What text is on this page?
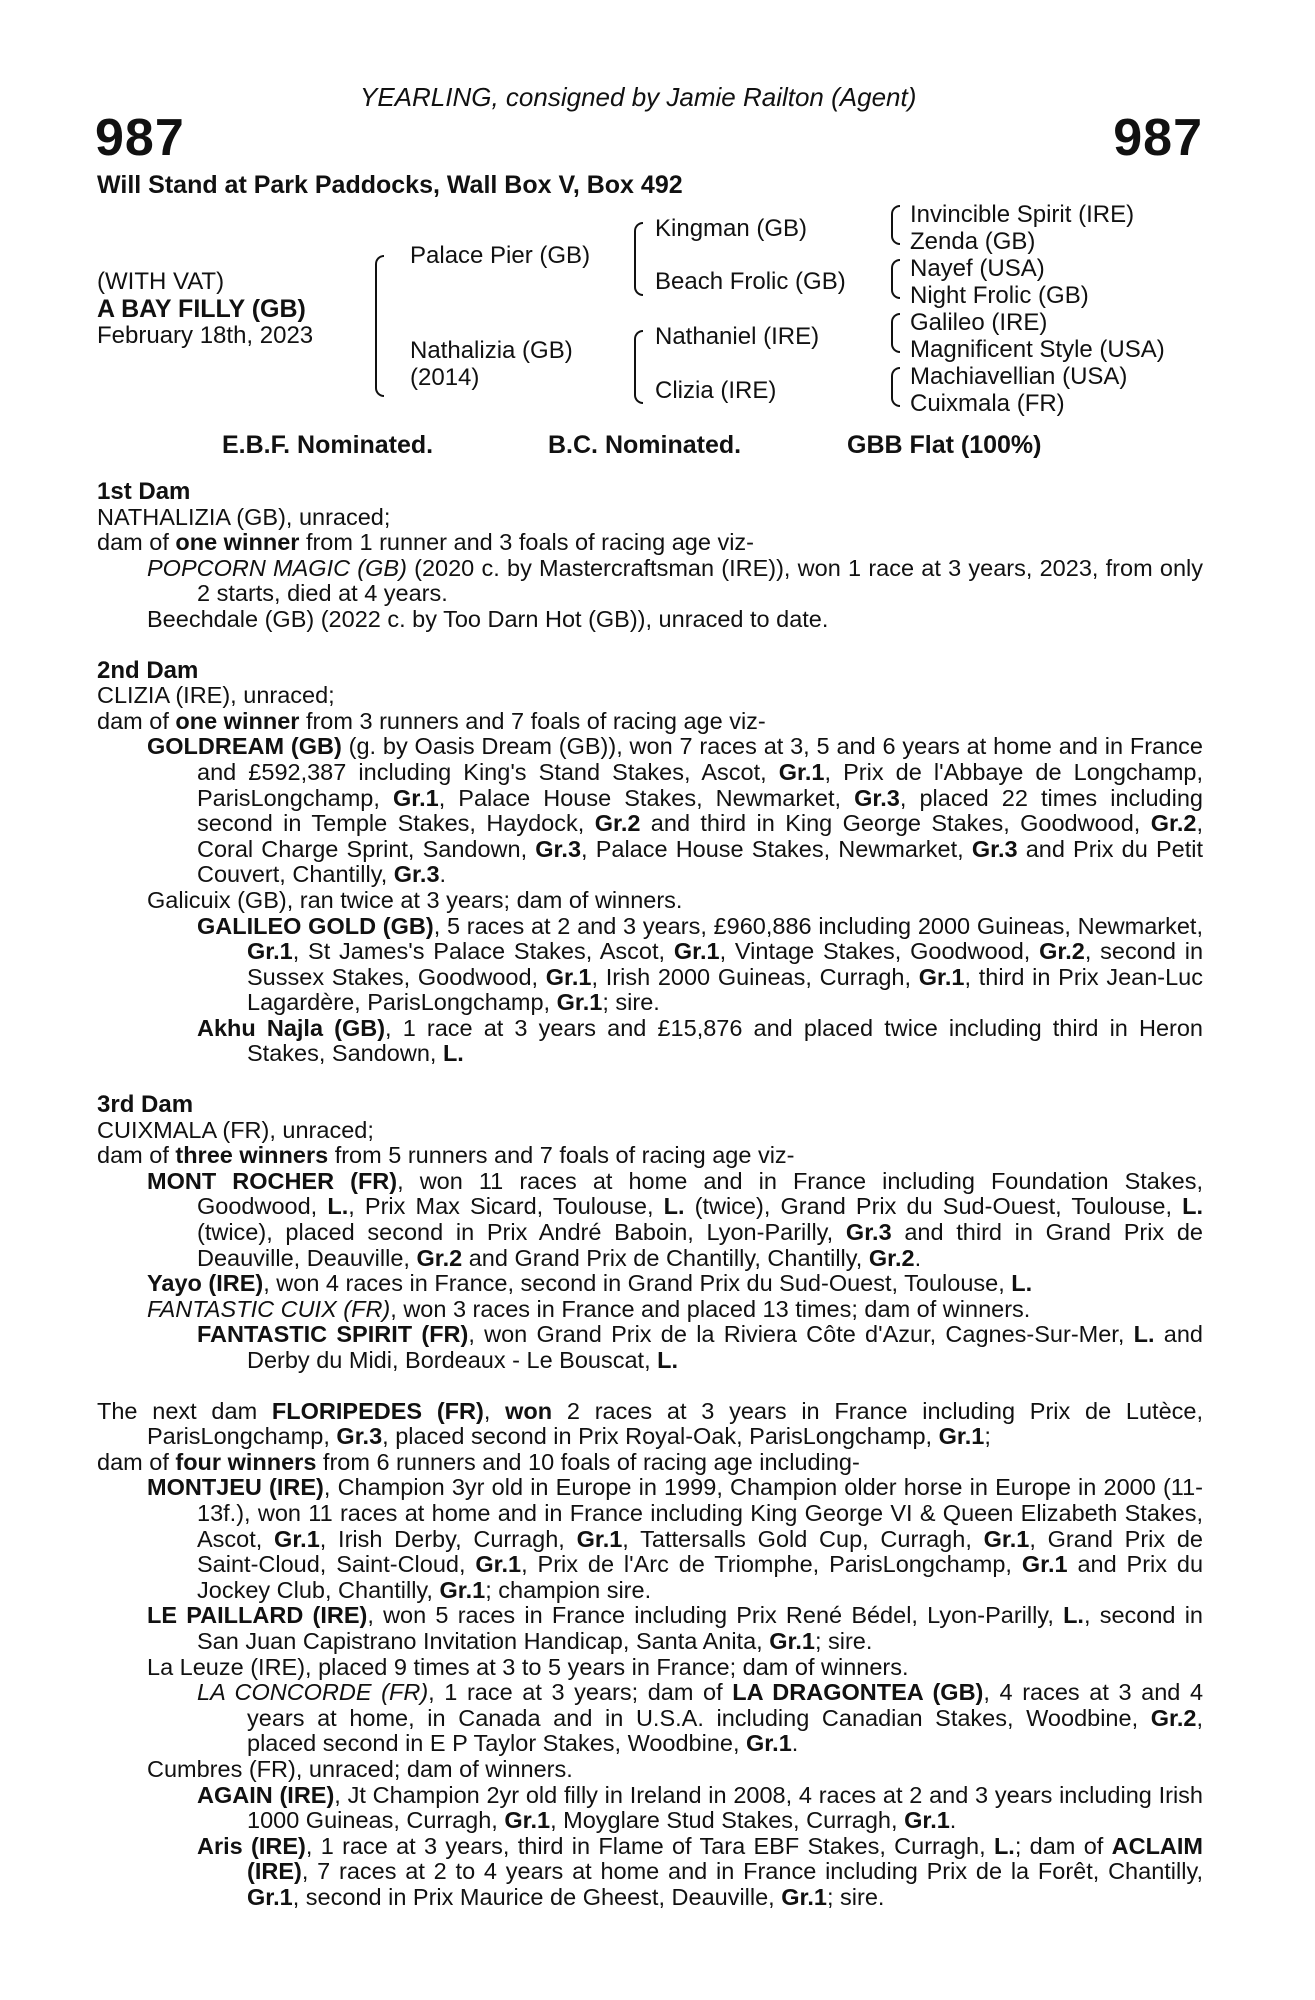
YEARLING, consigned by Jamie Railton (Agent)
987	987
Will Stand at Park Paddocks, Wall Box V, Box 492
(WITH VAT)
A BAY FILLY (GB)
February 18th, 2023
Palace Pier (GB)
Nathalizia (GB)
(2014)
Kingman (GB)
Beach Frolic (GB)
Nathaniel (IRE)
Clizia (IRE)
Invincible Spirit (IRE)
Zenda (GB)
Nayef (USA)
Night Frolic (GB)
Galileo (IRE)
Magnificent Style (USA)
Machiavellian (USA)
Cuixmala (FR)
E.B.F. Nominated.	B.C. Nominated.	GBB Flat (100%)
1st Dam
NATHALIZIA (GB), unraced;
dam of one winner from 1 runner and 3 foals of racing age viz-
POPCORN MAGIC (GB) (2020 c. by Mastercraftsman (IRE)), won 1 race at 3 years, 2023, from only 2 starts, died at 4 years.
Beechdale (GB) (2022 c. by Too Darn Hot (GB)), unraced to date.
2nd Dam
CLIZIA (IRE), unraced;
dam of one winner from 3 runners and 7 foals of racing age viz-
GOLDREAM (GB) (g. by Oasis Dream (GB)), won 7 races at 3, 5 and 6 years at home and in France and £592,387 including King's Stand Stakes, Ascot, Gr.1, Prix de l'Abbaye de Longchamp, ParisLongchamp, Gr.1, Palace House Stakes, Newmarket, Gr.3, placed 22 times including second in Temple Stakes, Haydock, Gr.2 and third in King George Stakes, Goodwood, Gr.2, Coral Charge Sprint, Sandown, Gr.3, Palace House Stakes, Newmarket, Gr.3 and Prix du Petit Couvert, Chantilly, Gr.3.
Galicuix (GB), ran twice at 3 years; dam of winners.
GALILEO GOLD (GB), 5 races at 2 and 3 years, £960,886 including 2000 Guineas, Newmarket, Gr.1, St James's Palace Stakes, Ascot, Gr.1, Vintage Stakes, Goodwood, Gr.2, second in Sussex Stakes, Goodwood, Gr.1, Irish 2000 Guineas, Curragh, Gr.1, third in Prix Jean-Luc Lagardère, ParisLongchamp, Gr.1; sire.
Akhu Najla (GB), 1 race at 3 years and £15,876 and placed twice including third in Heron Stakes, Sandown, L.
3rd Dam
CUIXMALA (FR), unraced;
dam of three winners from 5 runners and 7 foals of racing age viz-
MONT ROCHER (FR), won 11 races at home and in France including Foundation Stakes, Goodwood, L., Prix Max Sicard, Toulouse, L. (twice), Grand Prix du Sud-Ouest, Toulouse, L. (twice), placed second in Prix André Baboin, Lyon-Parilly, Gr.3 and third in Grand Prix de Deauville, Deauville, Gr.2 and Grand Prix de Chantilly, Chantilly, Gr.2.
Yayo (IRE), won 4 races in France, second in Grand Prix du Sud-Ouest, Toulouse, L.
FANTASTIC CUIX (FR), won 3 races in France and placed 13 times; dam of winners.
FANTASTIC SPIRIT (FR), won Grand Prix de la Riviera Côte d'Azur, Cagnes-Sur-Mer, L. and Derby du Midi, Bordeaux - Le Bouscat, L.
The next dam FLORIPEDES (FR), won 2 races at 3 years in France including Prix de Lutèce, ParisLongchamp, Gr.3, placed second in Prix Royal-Oak, ParisLongchamp, Gr.1;
dam of four winners from 6 runners and 10 foals of racing age including-
MONTJEU (IRE), Champion 3yr old in Europe in 1999, Champion older horse in Europe in 2000 (11-13f.), won 11 races at home and in France including King George VI & Queen Elizabeth Stakes, Ascot, Gr.1, Irish Derby, Curragh, Gr.1, Tattersalls Gold Cup, Curragh, Gr.1, Grand Prix de Saint-Cloud, Saint-Cloud, Gr.1, Prix de l'Arc de Triomphe, ParisLongchamp, Gr.1 and Prix du Jockey Club, Chantilly, Gr.1; champion sire.
LE PAILLARD (IRE), won 5 races in France including Prix René Bédel, Lyon-Parilly, L., second in San Juan Capistrano Invitation Handicap, Santa Anita, Gr.1; sire.
La Leuze (IRE), placed 9 times at 3 to 5 years in France; dam of winners.
LA CONCORDE (FR), 1 race at 3 years; dam of LA DRAGONTEA (GB), 4 races at 3 and 4 years at home, in Canada and in U.S.A. including Canadian Stakes, Woodbine, Gr.2, placed second in E P Taylor Stakes, Woodbine, Gr.1.
Cumbres (FR), unraced; dam of winners.
AGAIN (IRE), Jt Champion 2yr old filly in Ireland in 2008, 4 races at 2 and 3 years including Irish 1000 Guineas, Curragh, Gr.1, Moyglare Stud Stakes, Curragh, Gr.1.
Aris (IRE), 1 race at 3 years, third in Flame of Tara EBF Stakes, Curragh, L.; dam of ACLAIM (IRE), 7 races at 2 to 4 years at home and in France including Prix de la Forêt, Chantilly, Gr.1, second in Prix Maurice de Gheest, Deauville, Gr.1; sire.
